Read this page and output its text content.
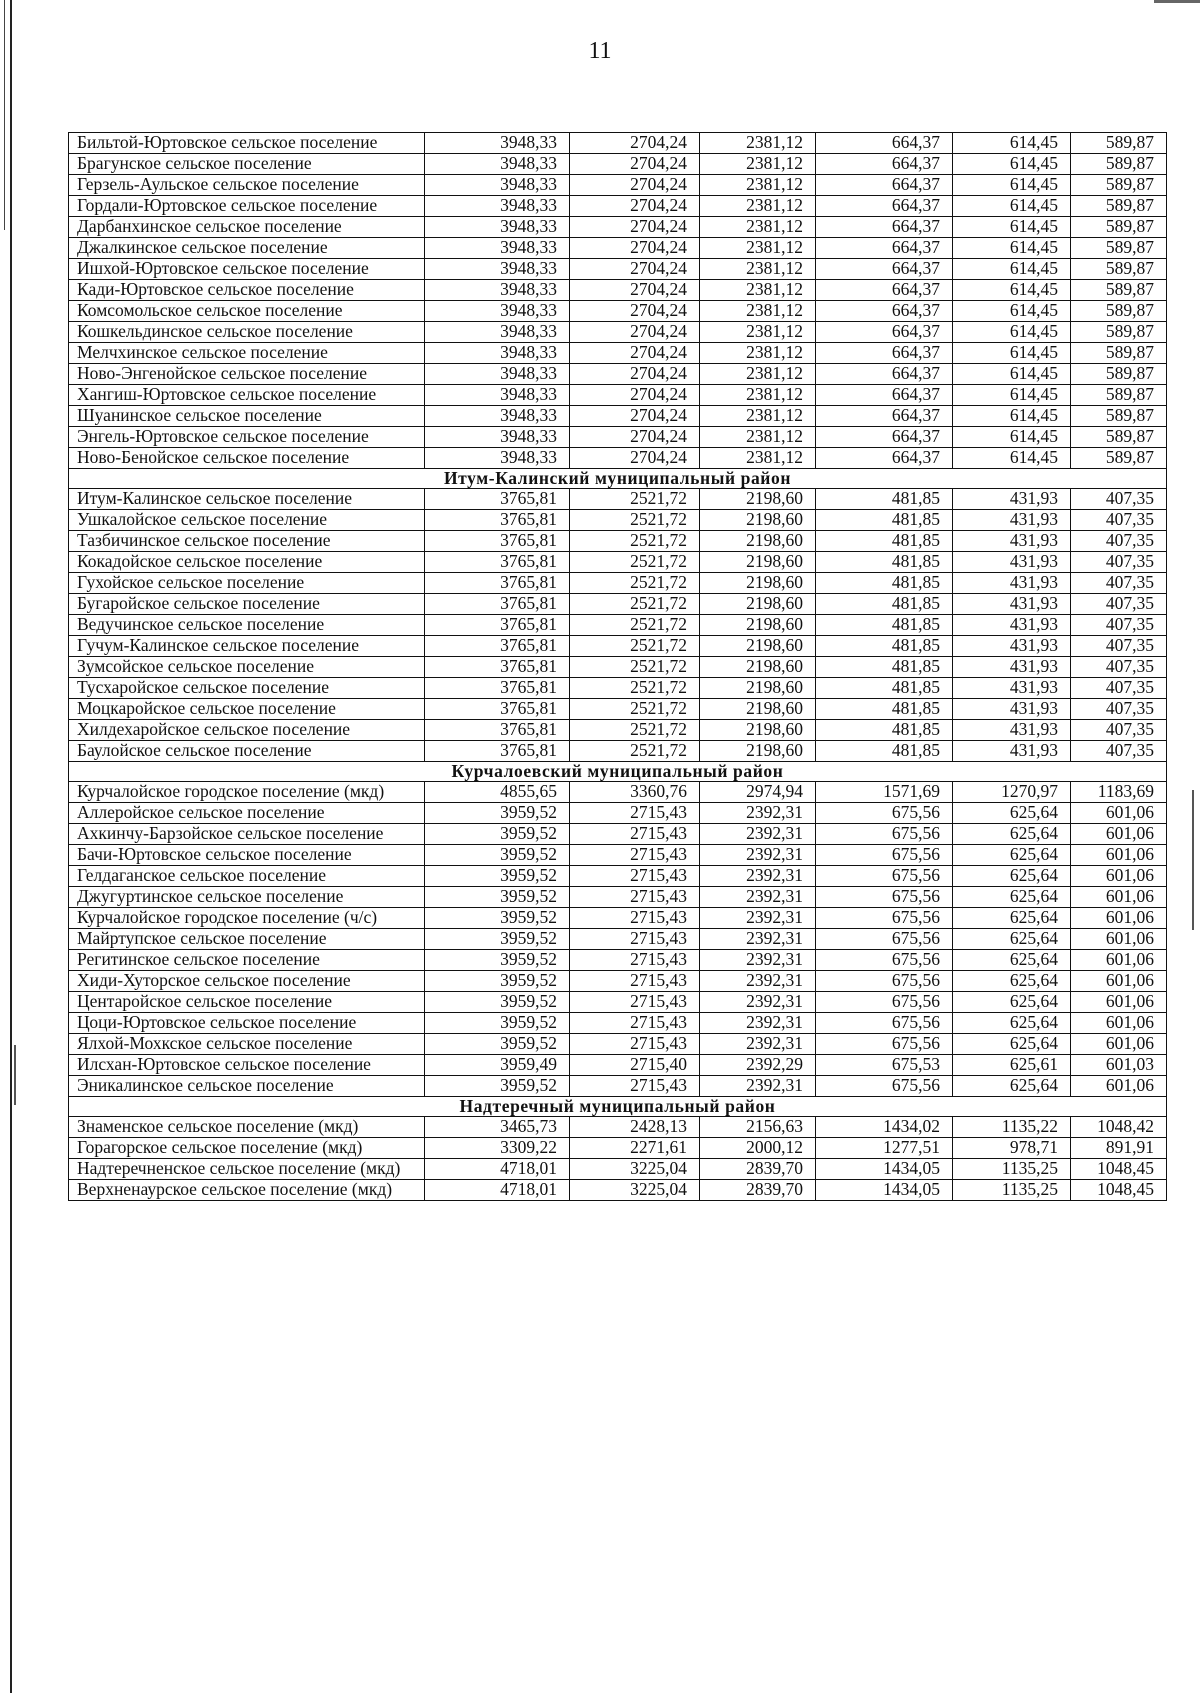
11
Бильтой-Юртовское сельское поселение	3948,33	2704,24	2381,12	664,37	614,45	589,87
Брагунское сельское поселение	3948,33	2704,24	2381,12	664,37	614,45	589,87
Герзель-Аульское сельское поселение	3948,33	2704,24	2381,12	664,37	614,45	589,87
Гордали-Юртовское сельское поселение	3948,33	2704,24	2381,12	664,37	614,45	589,87
Дарбанхинское сельское поселение	3948,33	2704,24	2381,12	664,37	614,45	589,87
Джалкинское сельское поселение	3948,33	2704,24	2381,12	664,37	614,45	589,87
Ишхой-Юртовское сельское поселение	3948,33	2704,24	2381,12	664,37	614,45	589,87
Кади-Юртовское сельское поселение	3948,33	2704,24	2381,12	664,37	614,45	589,87
Комсомольское сельское поселение	3948,33	2704,24	2381,12	664,37	614,45	589,87
Кошкельдинское сельское поселение	3948,33	2704,24	2381,12	664,37	614,45	589,87
Мелчхинское сельское поселение	3948,33	2704,24	2381,12	664,37	614,45	589,87
Ново-Энгенойское сельское поселение	3948,33	2704,24	2381,12	664,37	614,45	589,87
Хангиш-Юртовское сельское поселение	3948,33	2704,24	2381,12	664,37	614,45	589,87
Шуанинское сельское поселение	3948,33	2704,24	2381,12	664,37	614,45	589,87
Энгель-Юртовское сельское поселение	3948,33	2704,24	2381,12	664,37	614,45	589,87
Ново-Бенойское сельское поселение	3948,33	2704,24	2381,12	664,37	614,45	589,87
Итум-Калинский муниципальный район						
Итум-Калинское сельское поселение	3765,81	2521,72	2198,60	481,85	431,93	407,35
Ушкалойское сельское поселение	3765,81	2521,72	2198,60	481,85	431,93	407,35
Тазбичинское сельское поселение	3765,81	2521,72	2198,60	481,85	431,93	407,35
Кокадойское сельское поселение	3765,81	2521,72	2198,60	481,85	431,93	407,35
Гухойское сельское поселение	3765,81	2521,72	2198,60	481,85	431,93	407,35
Бугаройское сельское поселение	3765,81	2521,72	2198,60	481,85	431,93	407,35
Ведучинское сельское поселение	3765,81	2521,72	2198,60	481,85	431,93	407,35
Гучум-Калинское сельское поселение	3765,81	2521,72	2198,60	481,85	431,93	407,35
Зумсойское сельское поселение	3765,81	2521,72	2198,60	481,85	431,93	407,35
Тусхаройское сельское поселение	3765,81	2521,72	2198,60	481,85	431,93	407,35
Моцкаройское сельское поселение	3765,81	2521,72	2198,60	481,85	431,93	407,35
Хилдехаройское сельское поселение	3765,81	2521,72	2198,60	481,85	431,93	407,35
Баулойское сельское поселение	3765,81	2521,72	2198,60	481,85	431,93	407,35
Курчалоевский муниципальный район						
Курчалойское городское поселение (мкд)	4855,65	3360,76	2974,94	1571,69	1270,97	1183,69
Аллеройское сельское поселение	3959,52	2715,43	2392,31	675,56	625,64	601,06
Ахкинчу-Барзойское сельское поселение	3959,52	2715,43	2392,31	675,56	625,64	601,06
Бачи-Юртовское сельское поселение	3959,52	2715,43	2392,31	675,56	625,64	601,06
Гелдаганское сельское поселение	3959,52	2715,43	2392,31	675,56	625,64	601,06
Джугуртинское сельское поселение	3959,52	2715,43	2392,31	675,56	625,64	601,06
Курчалойское городское поселение (ч/с)	3959,52	2715,43	2392,31	675,56	625,64	601,06
Майртупское сельское поселение	3959,52	2715,43	2392,31	675,56	625,64	601,06
Регитинское сельское поселение	3959,52	2715,43	2392,31	675,56	625,64	601,06
Хиди-Хуторское сельское поселение	3959,52	2715,43	2392,31	675,56	625,64	601,06
Центаройское сельское поселение	3959,52	2715,43	2392,31	675,56	625,64	601,06
Цоци-Юртовское сельское поселение	3959,52	2715,43	2392,31	675,56	625,64	601,06
Ялхой-Мохкское сельское поселение	3959,52	2715,43	2392,31	675,56	625,64	601,06
Илсхан-Юртовское сельское поселение	3959,49	2715,40	2392,29	675,53	625,61	601,03
Эникалинское сельское поселение	3959,52	2715,43	2392,31	675,56	625,64	601,06
Надтеречный муниципальный район						
Знаменское сельское поселение (мкд)	3465,73	2428,13	2156,63	1434,02	1135,22	1048,42
Горагорское сельское поселение (мкд)	3309,22	2271,61	2000,12	1277,51	978,71	891,91
Надтеречненское сельское поселение (мкд)	4718,01	3225,04	2839,70	1434,05	1135,25	1048,45
Верхненаурское сельское поселение (мкд)	4718,01	3225,04	2839,70	1434,05	1135,25	1048,45
